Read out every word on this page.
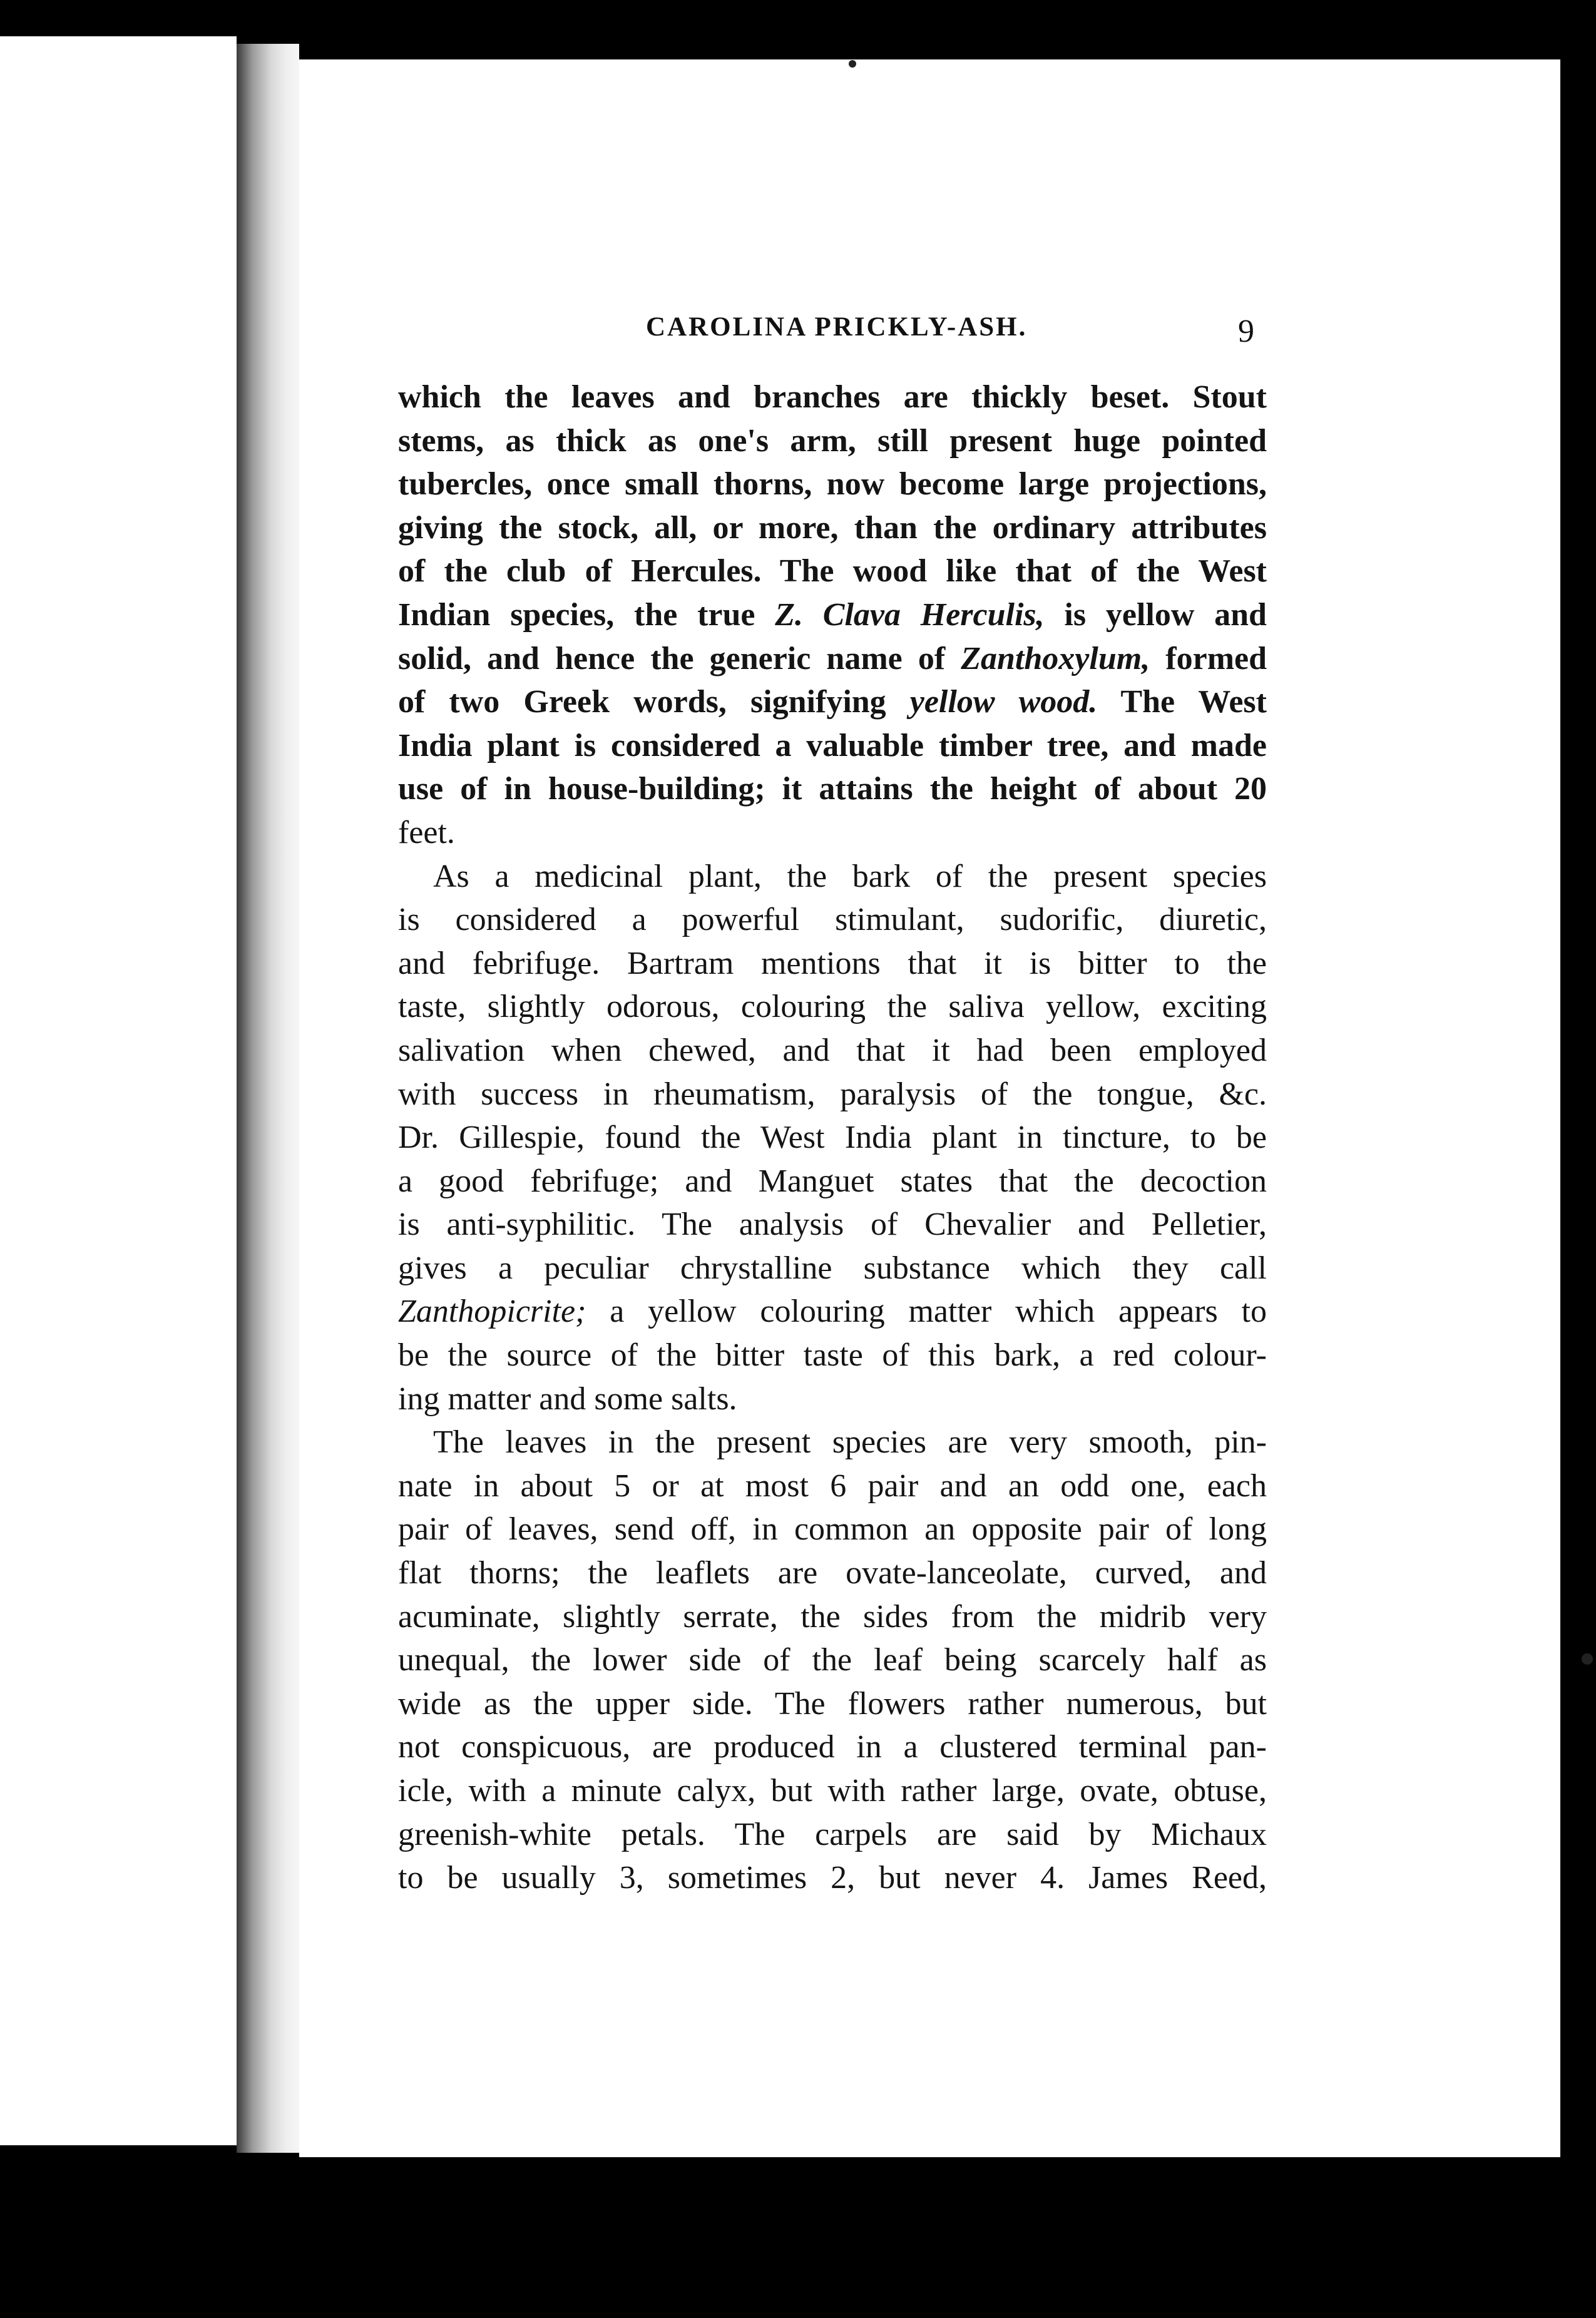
CAROLINA PRICKLY-ASH.	9
which the leaves and branches are thickly beset. Stout
stems, as thick as one's arm, still present huge pointed
tubercles, once small thorns, now become large projections,
giving the stock, all, or more, than the ordinary attributes
of the club of Hercules. The wood like that of the West
Indian species, the true Z. Clava Herculis, is yellow and
solid, and hence the generic name of Zanthoxylum, formed
of two Greek words, signifying yellow wood. The West
India plant is considered a valuable timber tree, and made
use of in house-building; it attains the height of about 20
feet.
As a medicinal plant, the bark of the present species
is considered a powerful stimulant, sudorific, diuretic,
and febrifuge. Bartram mentions that it is bitter to the
taste, slightly odorous, colouring the saliva yellow, exciting
salivation when chewed, and that it had been employed
with success in rheumatism, paralysis of the tongue, &c.
Dr. Gillespie, found the West India plant in tincture, to be
a good febrifuge; and Manguet states that the decoction
is anti-syphilitic. The analysis of Chevalier and Pelletier,
gives a peculiar chrystalline substance which they call
Zanthopicrite; a yellow colouring matter which appears to
be the source of the bitter taste of this bark, a red colour-
ing matter and some salts.
The leaves in the present species are very smooth, pin-
nate in about 5 or at most 6 pair and an odd one, each
pair of leaves, send off, in common an opposite pair of long
flat thorns; the leaflets are ovate-lanceolate, curved, and
acuminate, slightly serrate, the sides from the midrib very
unequal, the lower side of the leaf being scarcely half as
wide as the upper side. The flowers rather numerous, but
not conspicuous, are produced in a clustered terminal pan-
icle, with a minute calyx, but with rather large, ovate, obtuse,
greenish-white petals. The carpels are said by Michaux
to be usually 3, sometimes 2, but never 4. James Reed,
